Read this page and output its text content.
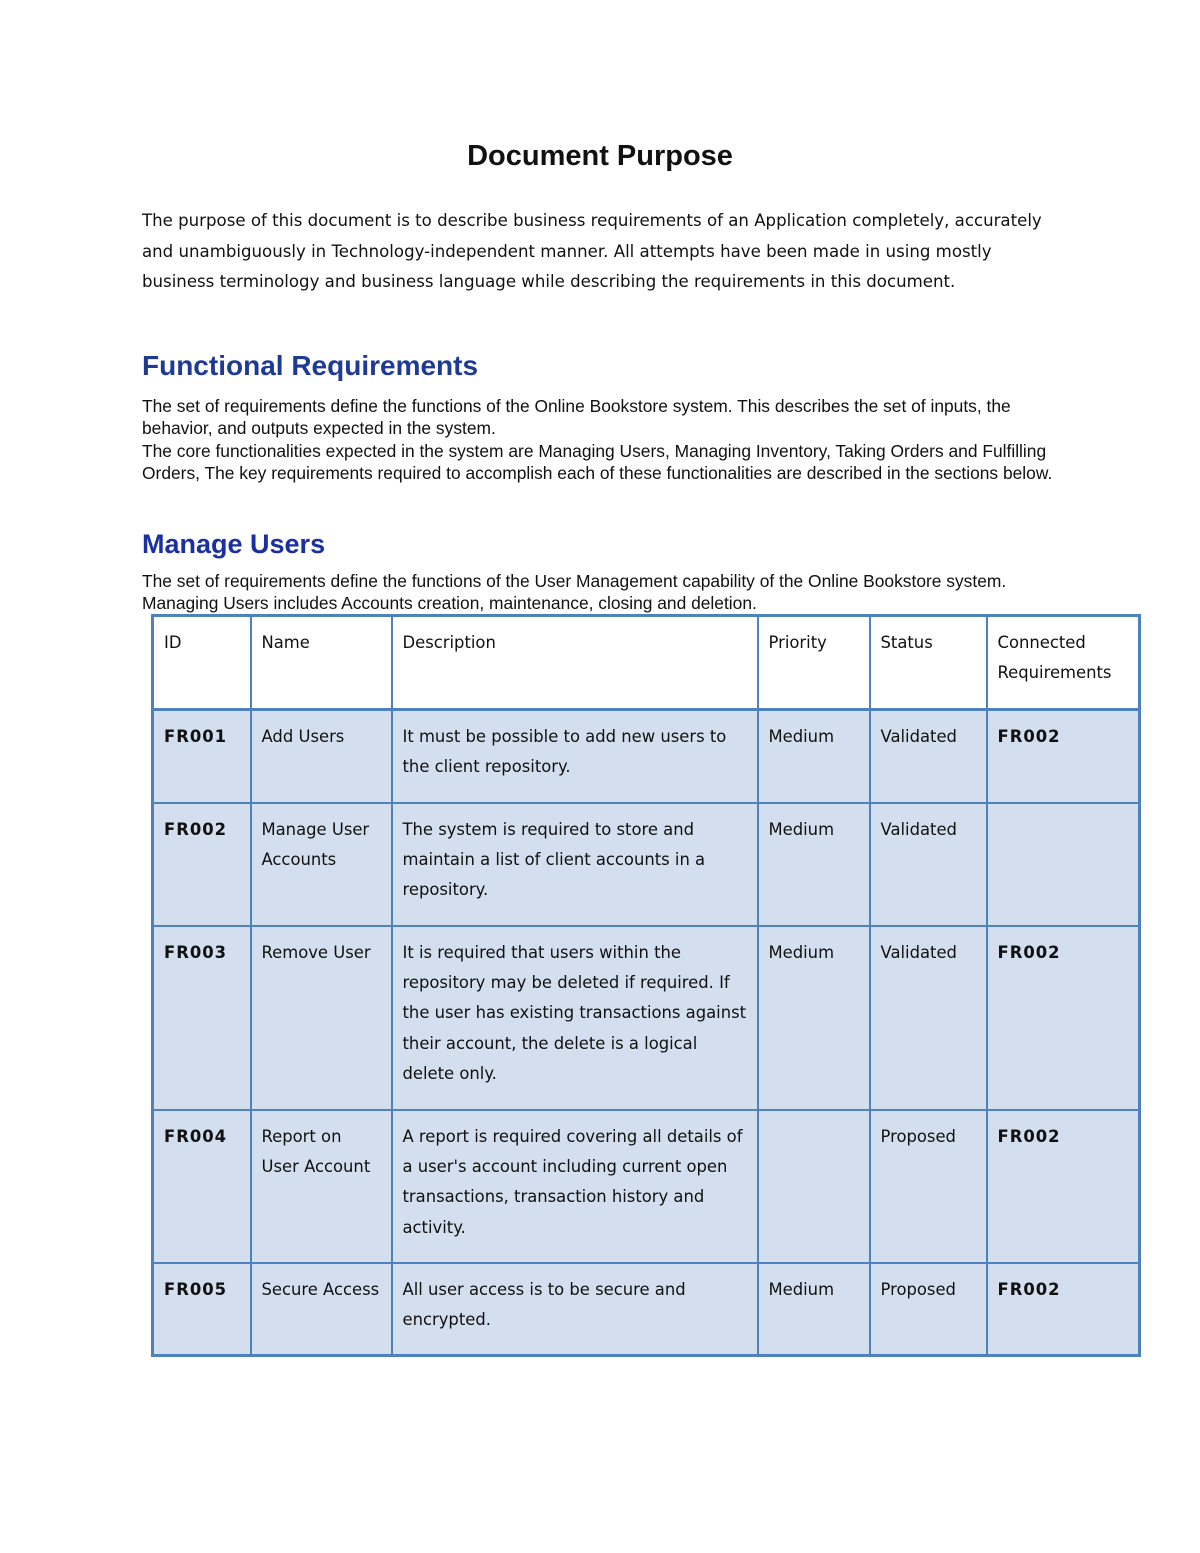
Document Purpose
The purpose of this document is to describe business requirements of an Application completely, accurately and unambiguously in Technology-independent manner. All attempts have been made in using mostly business terminology and business language while describing the requirements in this document.
Functional Requirements
The set of requirements define the functions of the Online Bookstore system. This describes the set of inputs, the behavior, and outputs expected in the system.
The core functionalities expected in the system are Managing Users, Managing Inventory, Taking Orders and Fulfilling Orders, The key requirements required to accomplish each of these functionalities are described in the sections below.
Manage Users
The set of requirements define the functions of the User Management capability of the Online Bookstore system. Managing Users includes Accounts creation, maintenance, closing and deletion.
ID	Name	Description	Priority	Status	Connected Requirements
FR001	Add Users	It must be possible to add new users to the client repository.	Medium	Validated	FR002
FR002	Manage User Accounts	The system is required to store and maintain a list of client accounts in a repository.	Medium	Validated	
FR003	Remove User	It is required that users within the repository may be deleted if required. If the user has existing transactions against their account, the delete is a logical delete only.	Medium	Validated	FR002
FR004	Report on User Account	A report is required covering all details of a user's account including current open transactions, transaction history and activity.		Proposed	FR002
FR005	Secure Access	All user access is to be secure and encrypted.	Medium	Proposed	FR002
